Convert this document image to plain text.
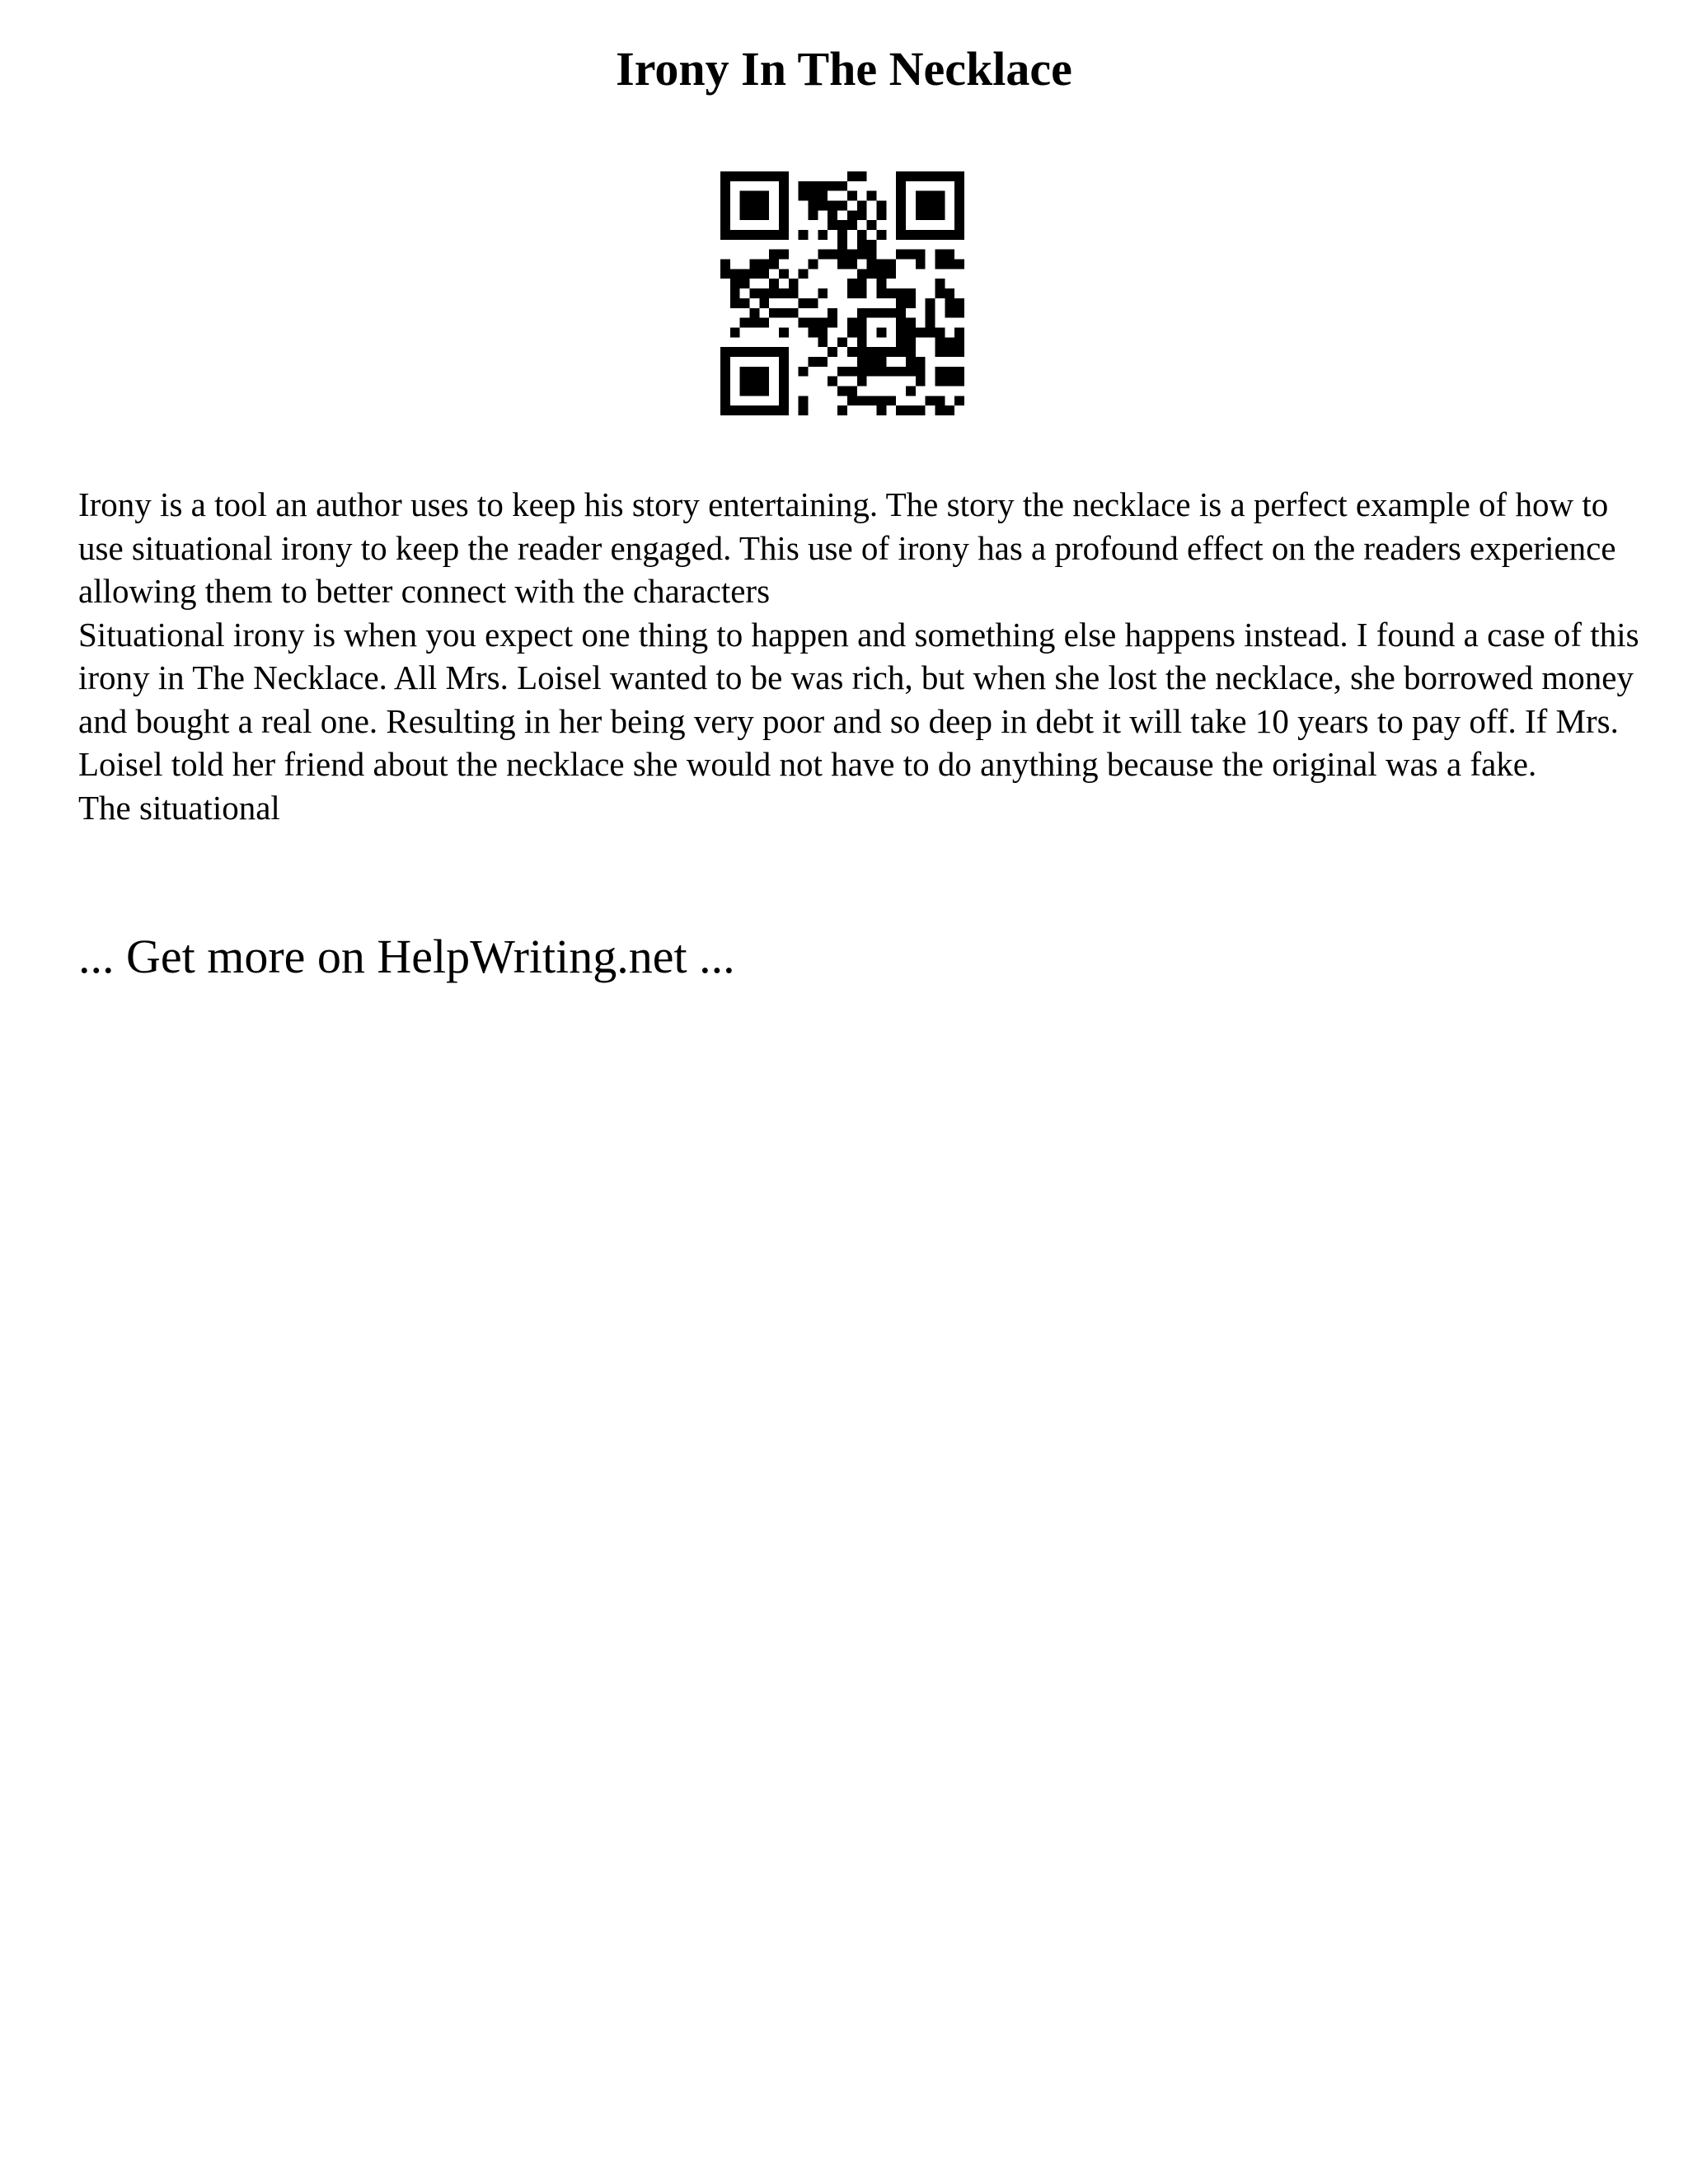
Irony In The Necklace

Irony is a tool an author uses to keep his story entertaining. The story the necklace is a perfect example of how to use situational irony to keep the reader engaged. This use of irony has a profound effect on the readers experience allowing them to better connect with the characters

Situational irony is when you expect one thing to happen and something else happens instead. I found a case of this irony in The Necklace. All Mrs. Loisel wanted to be was rich, but when she lost the necklace, she borrowed money and bought a real one. Resulting in her being very poor and so deep in debt it will take 10 years to pay off. If Mrs. Loisel told her friend about the necklace she would not have to do anything because the original was a fake.

The situational

... Get more on HelpWriting.net ...
